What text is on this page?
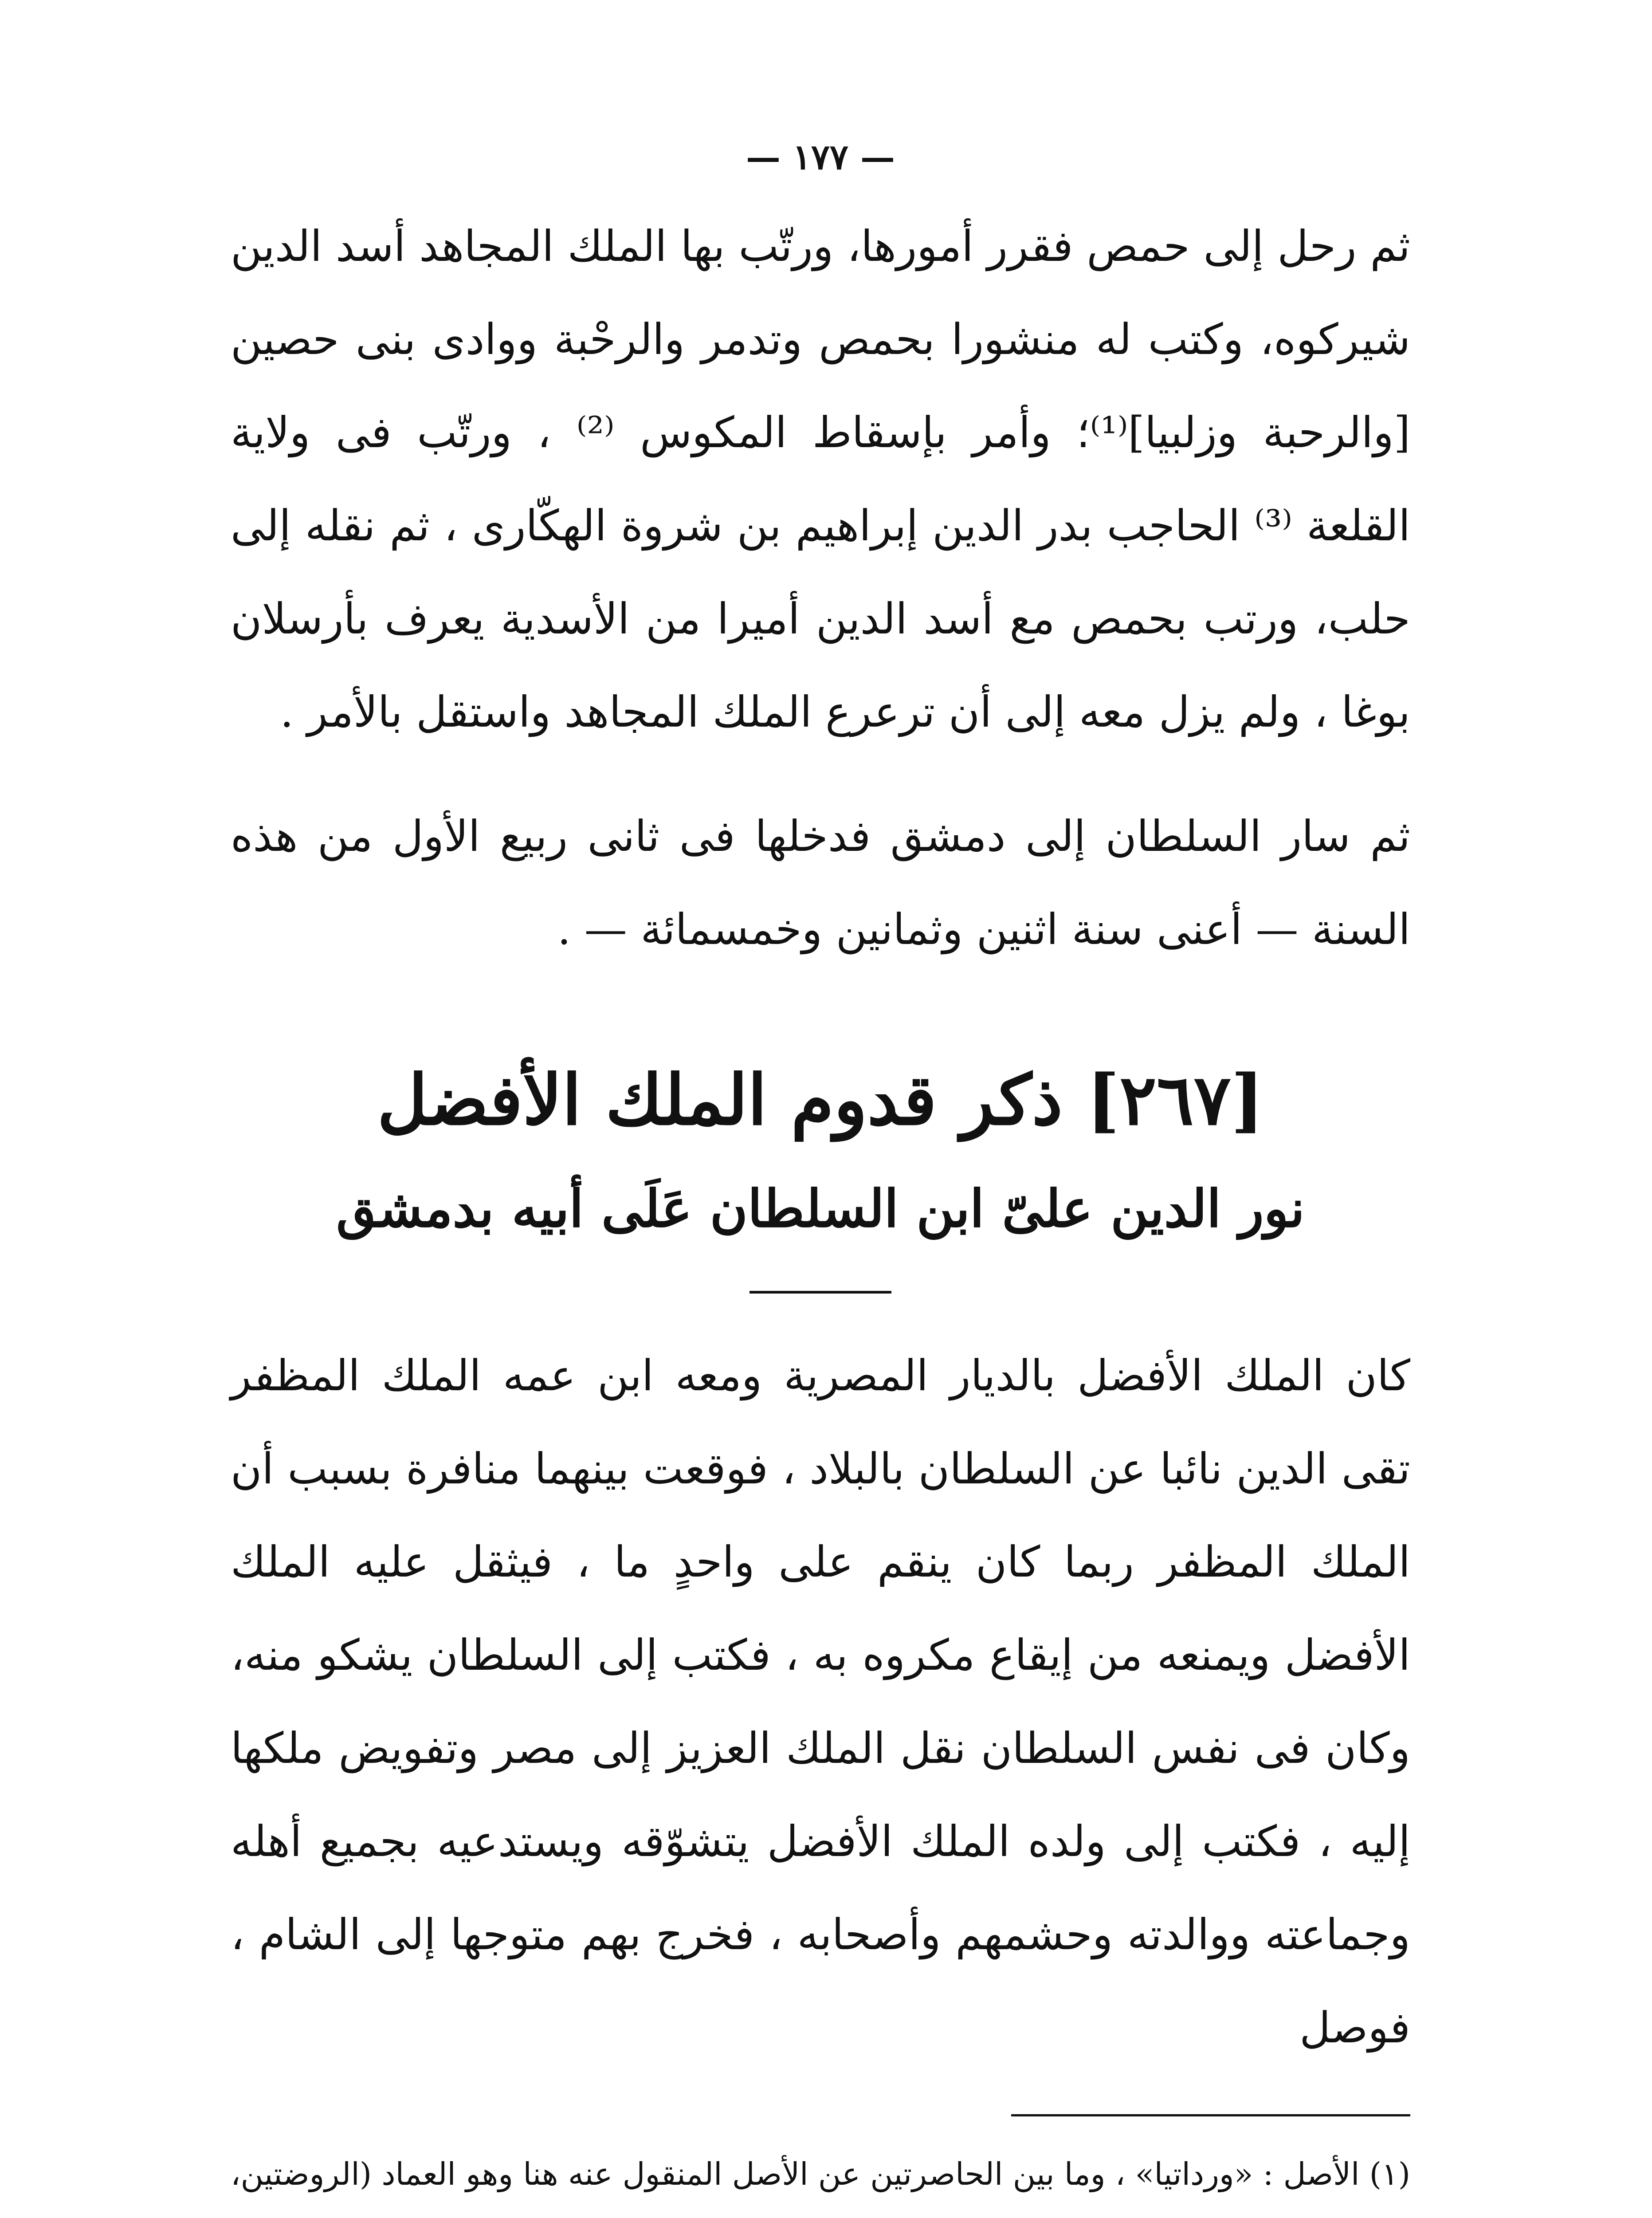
— ١٧٧ —

ثم رحل إلى حمص فقرر أمورها، ورتّب بها الملك المجاهد أسد الدين شيركوه، وكتب له منشورا بحمص وتدمر والرحْبة ووادى بنى حصين [والرحبة وزلبيا]⁽¹⁾؛ وأمر بإسقاط المكوس ⁽²⁾ ، ورتّب فى ولاية القلعة ⁽³⁾ الحاجب بدر الدين إبراهيم بن شروة الهكّارى ، ثم نقله إلى حلب، ورتب بحمص مع أسد الدين أميرا من الأسدية يعرف بأرسلان بوغا ، ولم يزل معه إلى أن ترعرع الملك المجاهد واستقل بالأمر .

ثم سار السلطان إلى دمشق فدخلها فى ثانى ربيع الأول من هذه السنة — أعنى سنة اثنين وثمانين وخمسمائة — .

[٢٦٧] ذكر قدوم الملك الأفضل
نور الدين علىّ ابن السلطان عَلَى أبيه بدمشق

كان الملك الأفضل بالديار المصرية ومعه ابن عمه الملك المظفر تقى الدين نائبا عن السلطان بالبلاد ، فوقعت بينهما منافرة بسبب أن الملك المظفر ربما كان ينقم على واحدٍ ما ، فيثقل عليه الملك الأفضل ويمنعه من إيقاع مكروه به ، فكتب إلى السلطان يشكو منه، وكان فى نفس السلطان نقل الملك العزيز إلى مصر وتفويض ملكها إليه ، فكتب إلى ولده الملك الأفضل يتشوّقه ويستدعيه بجميع أهله وجماعته ووالدته وحشمهم وأصحابه ، فخرج بهم متوجها إلى الشام ، فوصل

(١) الأصل : «ورداتيا» ، وما بين الحاصرتين عن الأصل المنقول عنه هنا وهو العماد (الروضتين،
